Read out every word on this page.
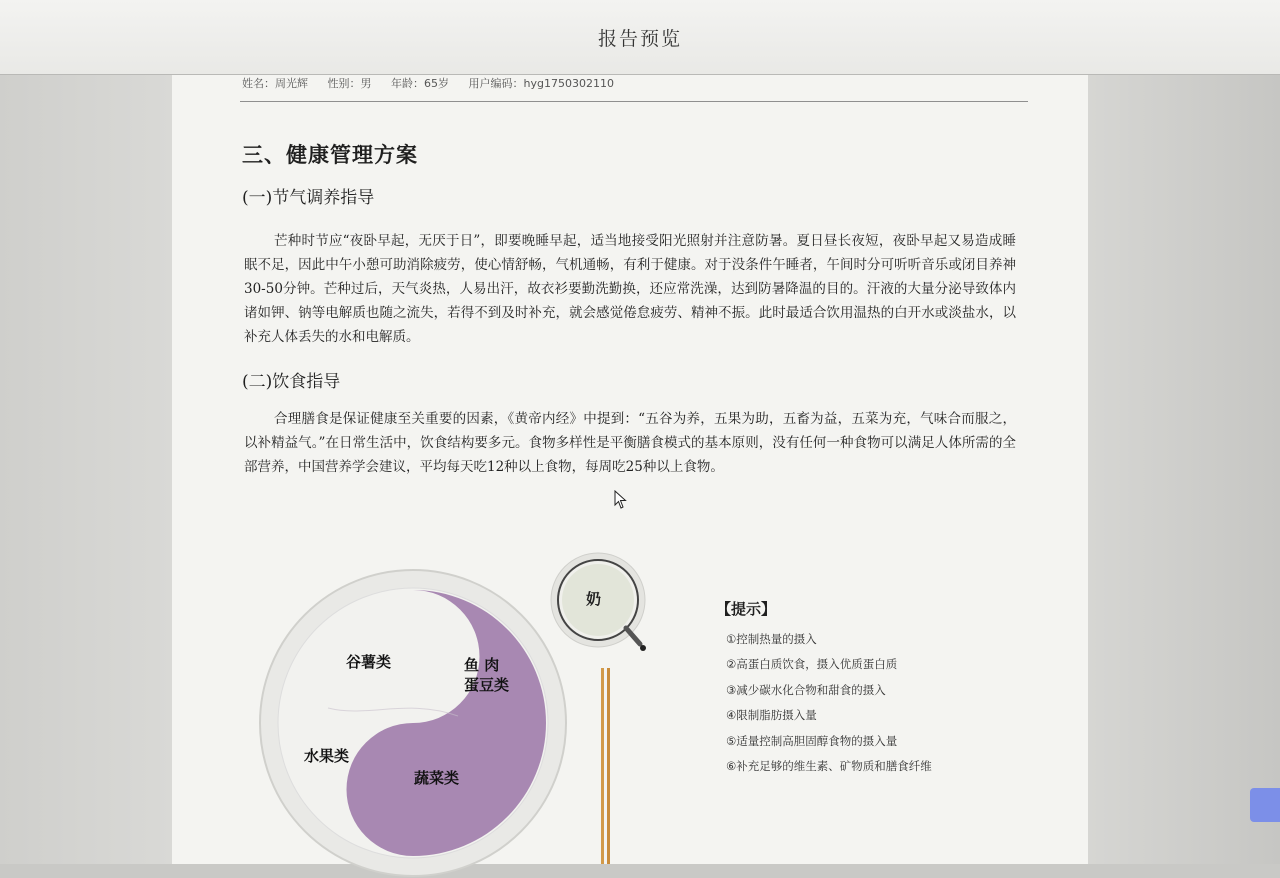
报告预览
姓名：周光辉 性别：男 年龄：65岁 用户编码：hyg1750302110
三、健康管理方案
(一)节气调养指导

芒种时节应“夜卧早起，无厌于日”，即要晚睡早起，适当地接受阳光照射并注意防暑。夏日昼长夜短，夜卧早起又易造成睡眠不足，因此中午小憩可助消除疲劳，使心情舒畅，气机通畅，有利于健康。对于没条件午睡者，午间时分可听听音乐或闭目养神30-50分钟。芒种过后，天气炎热，人易出汗，故衣衫要勤洗勤换，还应常洗澡，达到防暑降温的目的。汗液的大量分泌导致体内诸如钾、钠等电解质也随之流失，若得不到及时补充，就会感觉倦怠疲劳、精神不振。此时最适合饮用温热的白开水或淡盐水，以补充人体丢失的水和电解质。

(二)饮食指导

合理膳食是保证健康至关重要的因素，《黄帝内经》中提到：“五谷为养，五果为助，五畜为益，五菜为充，气味合而服之，以补精益气。”在日常生活中，饮食结构要多元。食物多样性是平衡膳食模式的基本原则，没有任何一种食物可以满足人体所需的全部营养，中国营养学会建议，平均每天吃12种以上食物，每周吃25种以上食物。

谷薯类	鱼 肉
蛋豆类
水果类
蔬菜类
奶
【提示】
①控制热量的摄入
②高蛋白质饮食，摄入优质蛋白质
③减少碳水化合物和甜食的摄入
④限制脂肪摄入量
⑤适量控制高胆固醇食物的摄入量
⑥补充足够的维生素、矿物质和膳食纤维
